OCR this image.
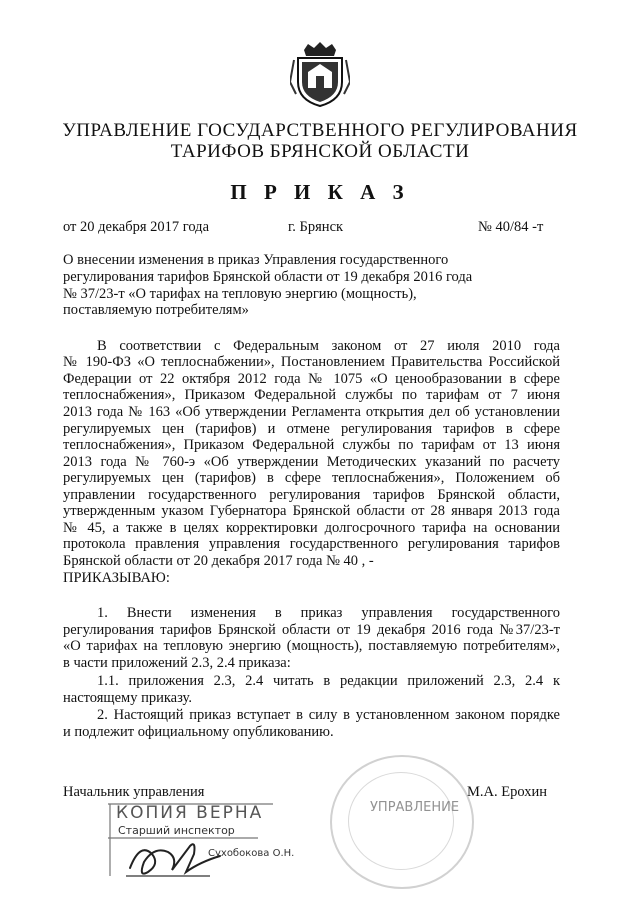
УПРАВЛЕНИЕ ГОСУДАРСТВЕННОГО РЕГУЛИРОВАНИЯ
ТАРИФОВ БРЯНСКОЙ ОБЛАСТИ
П Р И К А З
от 20 декабря 2017 года	г. Брянск	№ 40/84 -т
О внесении изменения в приказ Управления государственного
регулирования тарифов Брянской области от 19 декабря 2016 года
№ 37/23-т «О тарифах на тепловую энергию (мощность),
поставляемую потребителям»
В соответствии с Федеральным законом от 27 июля 2010 года
№ 190-ФЗ «О теплоснабжении», Постановлением Правительства Российской
Федерации от 22 октября 2012 года № 1075 «О ценообразовании в сфере
теплоснабжения», Приказом Федеральной службы по тарифам от 7 июня
2013 года № 163 «Об утверждении Регламента открытия дел об установлении
регулируемых цен (тарифов) и отмене регулирования тарифов в сфере
теплоснабжения», Приказом Федеральной службы по тарифам от 13 июня
2013 года № 760-э «Об утверждении Методических указаний по расчету
регулируемых цен (тарифов) в сфере теплоснабжения», Положением об
управлении государственного регулирования тарифов Брянской области,
утвержденным указом Губернатора Брянской области от 28 января 2013 года
№ 45, а также в целях корректировки долгосрочного тарифа на основании
протокола правления управления государственного регулирования тарифов
Брянской области от 20 декабря 2017 года № 40 , -
ПРИКАЗЫВАЮ:
1. Внести изменения в приказ управления государственного
регулирования тарифов Брянской области от 19 декабря 2016 года №37/23-т
«О тарифах на тепловую энергию (мощность), поставляемую потребителям»,
в части приложений 2.3, 2.4 приказа:
1.1. приложения 2.3, 2.4 читать в редакции приложений 2.3, 2.4 к
настоящему приказу.
2. Настоящий приказ вступает в силу в установленном законом порядке
и подлежит официальному опубликованию.
УПРАВЛЕНИЕ
Начальник управления	М.А. Ерохин
КОПИЯ ВЕРНА
Старший инспектор
Сухобокова О.Н.
